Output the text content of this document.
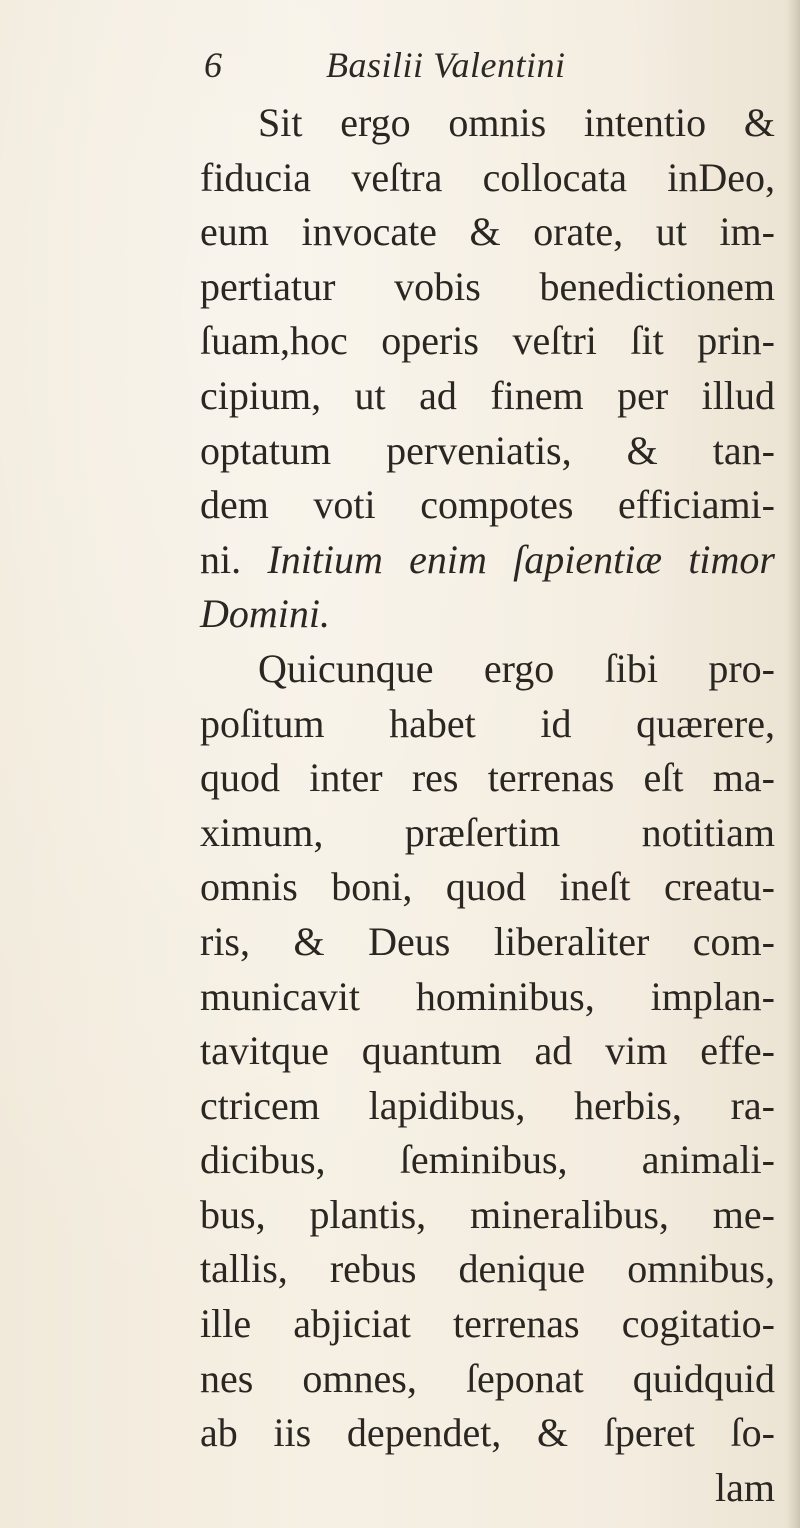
6	Basilii Valentini
Sit ergo omnis intentio &
fiducia veſtra collocata inDeo,
eum invocate & orate, ut im-
pertiatur vobis benedictionem
ſuam,hoc operis veſtri ſit prin-
cipium, ut ad finem per illud
optatum perveniatis, & tan-
dem voti compotes efficiami-
ni. Initium enim ſapientiæ timor
Domini.
Quicunque ergo ſibi pro-
poſitum habet id quærere,
quod inter res terrenas eſt ma-
ximum, præſertim notitiam
omnis boni, quod ineſt creatu-
ris, & Deus liberaliter com-
municavit hominibus, implan-
tavitque quantum ad vim effe-
ctricem lapidibus, herbis, ra-
dicibus, ſeminibus, animali-
bus, plantis, mineralibus, me-
tallis, rebus denique omnibus,
ille abjiciat terrenas cogitatio-
nes omnes, ſeponat quidquid
ab iis dependet, & ſperet ſo-
lam
